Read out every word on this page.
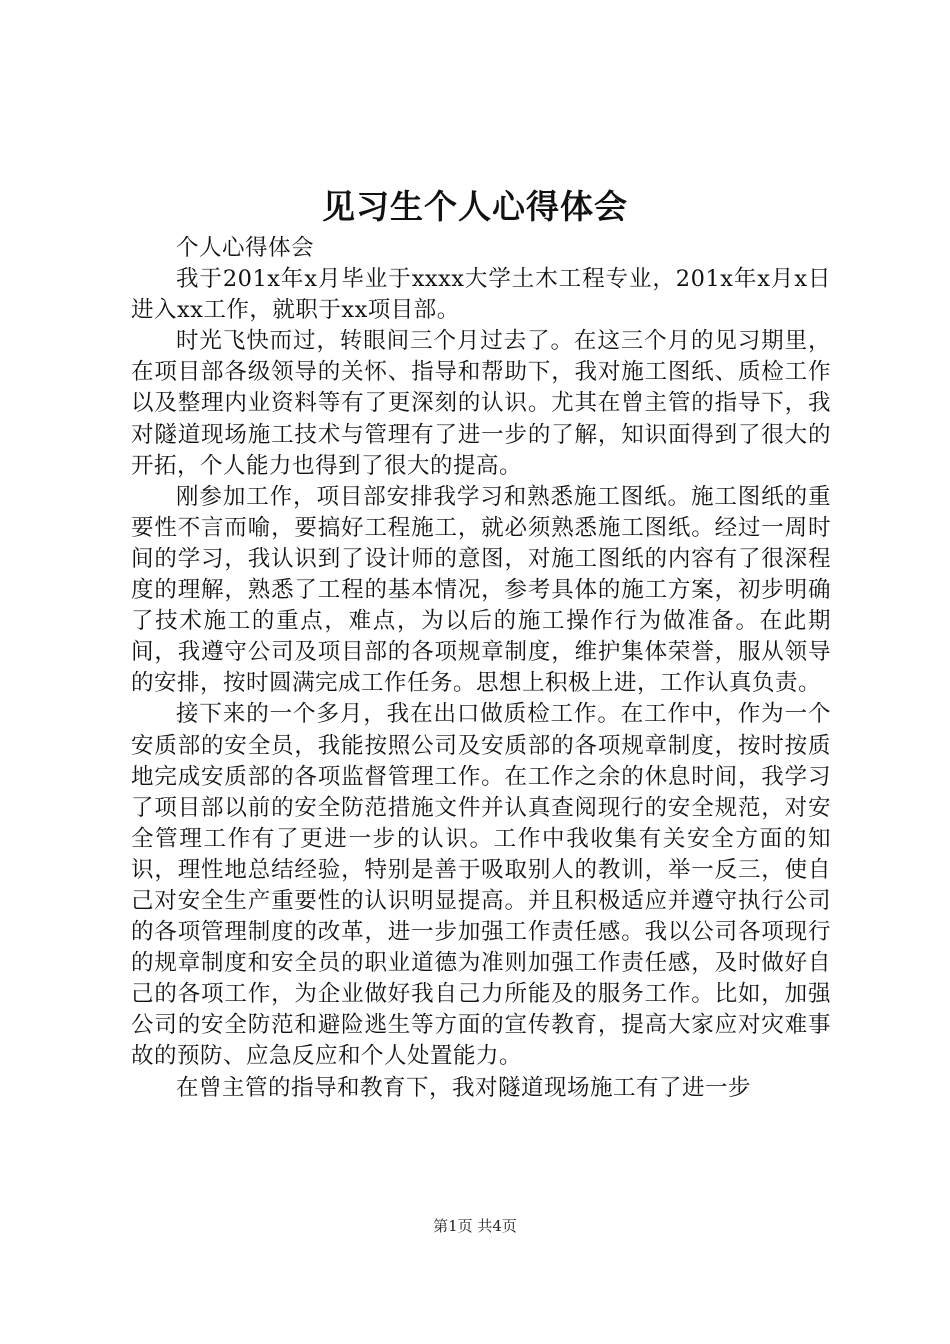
见习生个人心得体会

个人心得体会

我于201x年x月毕业于xxxx大学土木工程专业，201x年x月x日进入xx工作，就职于xx项目部。

时光飞快而过，转眼间三个月过去了。在这三个月的见习期里，在项目部各级领导的关怀、指导和帮助下，我对施工图纸、质检工作以及整理内业资料等有了更深刻的认识。尤其在曾主管的指导下，我对隧道现场施工技术与管理有了进一步的了解，知识面得到了很大的开拓，个人能力也得到了很大的提高。

刚参加工作，项目部安排我学习和熟悉施工图纸。施工图纸的重要性不言而喻，要搞好工程施工，就必须熟悉施工图纸。经过一周时间的学习，我认识到了设计师的意图，对施工图纸的内容有了很深程度的理解，熟悉了工程的基本情况，参考具体的施工方案，初步明确了技术施工的重点，难点，为以后的施工操作行为做准备。在此期间，我遵守公司及项目部的各项规章制度，维护集体荣誉，服从领导的安排，按时圆满完成工作任务。思想上积极上进，工作认真负责。

接下来的一个多月，我在出口做质检工作。在工作中，作为一个安质部的安全员，我能按照公司及安质部的各项规章制度，按时按质地完成安质部的各项监督管理工作。在工作之余的休息时间，我学习了项目部以前的安全防范措施文件并认真查阅现行的安全规范，对安全管理工作有了更进一步的认识。工作中我收集有关安全方面的知识，理性地总结经验，特别是善于吸取别人的教训，举一反三，使自己对安全生产重要性的认识明显提高。并且积极适应并遵守执行公司的各项管理制度的改革，进一步加强工作责任感。我以公司各项现行的规章制度和安全员的职业道德为准则加强工作责任感，及时做好自己的各项工作，为企业做好我自己力所能及的服务工作。比如，加强公司的安全防范和避险逃生等方面的宣传教育，提高大家应对灾难事故的预防、应急反应和个人处置能力。

在曾主管的指导和教育下，我对隧道现场施工有了进一步

第1页 共4页
